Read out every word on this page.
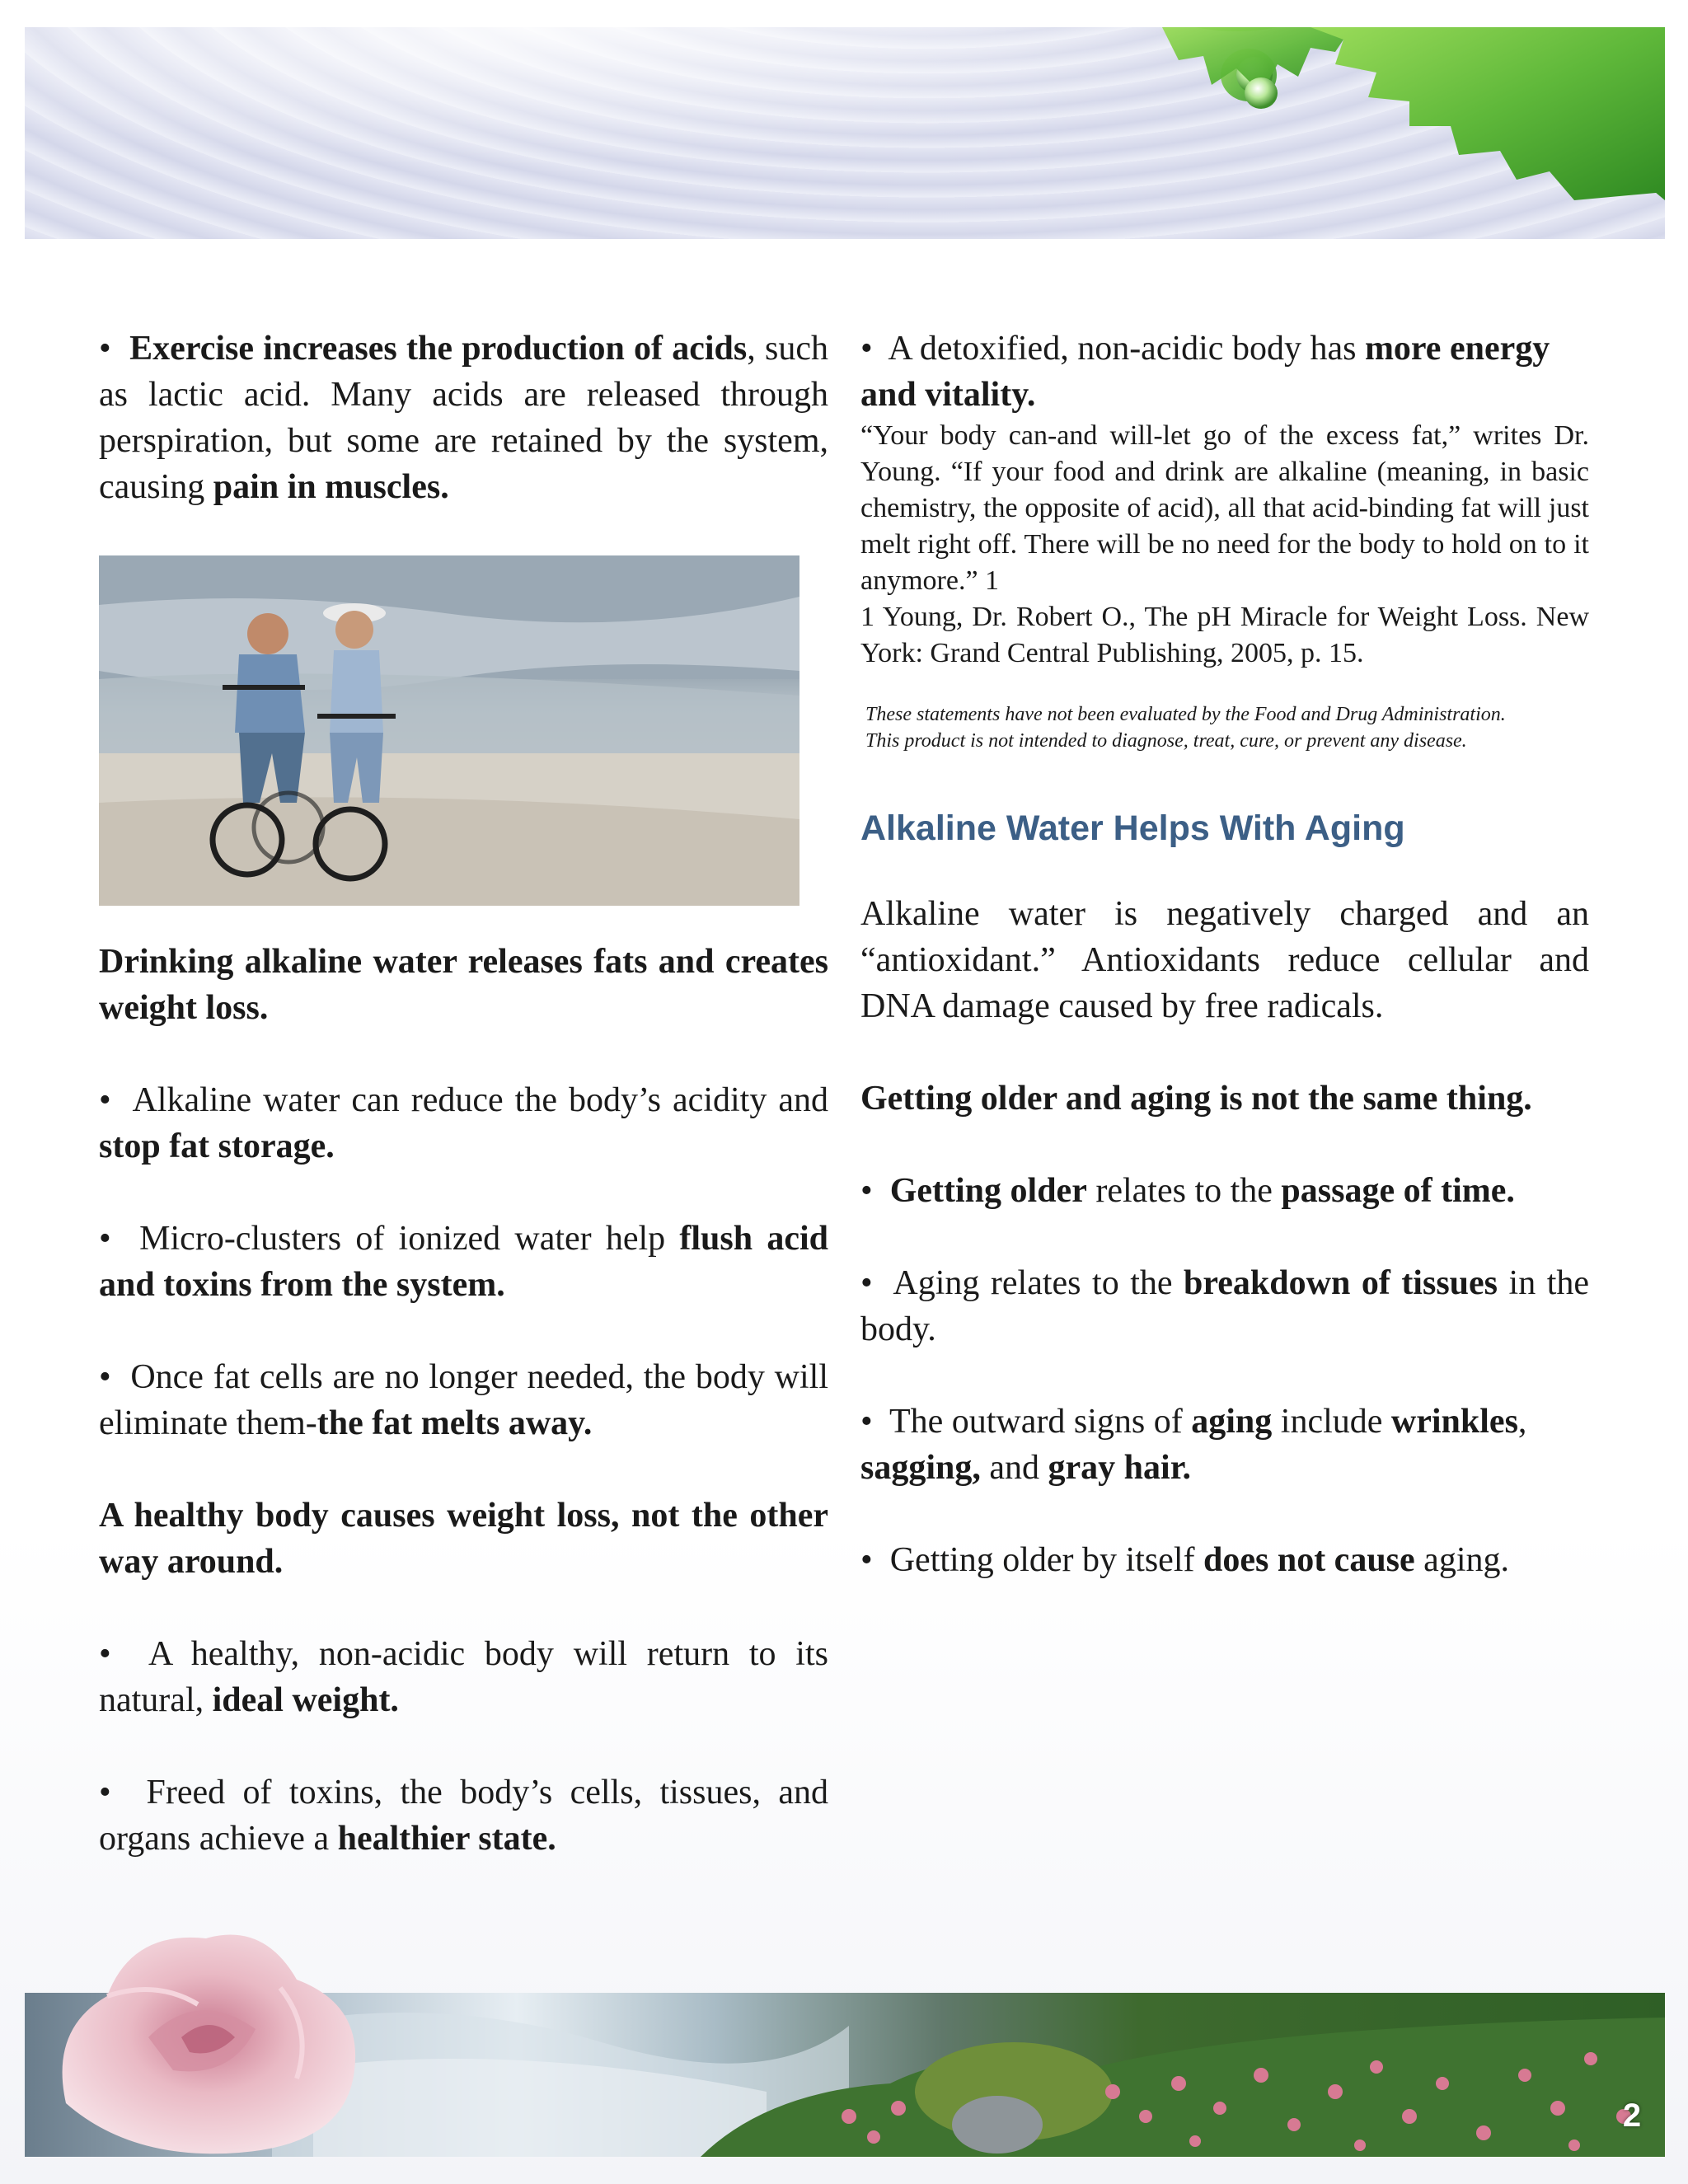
• Exercise increases the production of acids, such as lactic acid. Many acids are released through perspiration, but some are retained by the system, causing pain in muscles.

Drinking alkaline water releases fats and creates weight loss.

• Alkaline water can reduce the body’s acidity and stop fat storage.

•  Micro-clusters of ionized water help flush acid and toxins from the system.

• Once fat cells are no longer needed, the body will eliminate them-the fat melts away.

A healthy body causes weight loss, not the other way around.

•  A healthy, non-acidic body will return to its natural, ideal weight.

• Freed of toxins, the body’s cells, tissues, and organs achieve a healthier state.

• A detoxified, non-acidic body has more energy and vitality.

“Your body can-and will-let go of the excess fat,” writes Dr. Young. “If your food and drink are alkaline (meaning, in basic chemistry, the opposite of acid), all that acid-binding fat will just melt right off. There will be no need for the body to hold on to it anymore.” 1

1 Young, Dr. Robert O., The pH Miracle for Weight Loss. New York: Grand Central Publishing, 2005, p. 15.

These statements have not been evaluated by the Food and Drug Administration.
This product is not intended to diagnose, treat, cure, or prevent any disease.
Alkaline Water Helps With Aging

Alkaline water is negatively charged and an “antioxidant.” Antioxidants reduce cellular and DNA damage caused by free radicals.

Getting older and aging is not the same thing.

• Getting older relates to the passage of time.

• Aging relates to the breakdown of tissues in the body.

• The outward signs of aging include wrinkles, sagging, and gray hair.

• Getting older by itself does not cause aging.

2
